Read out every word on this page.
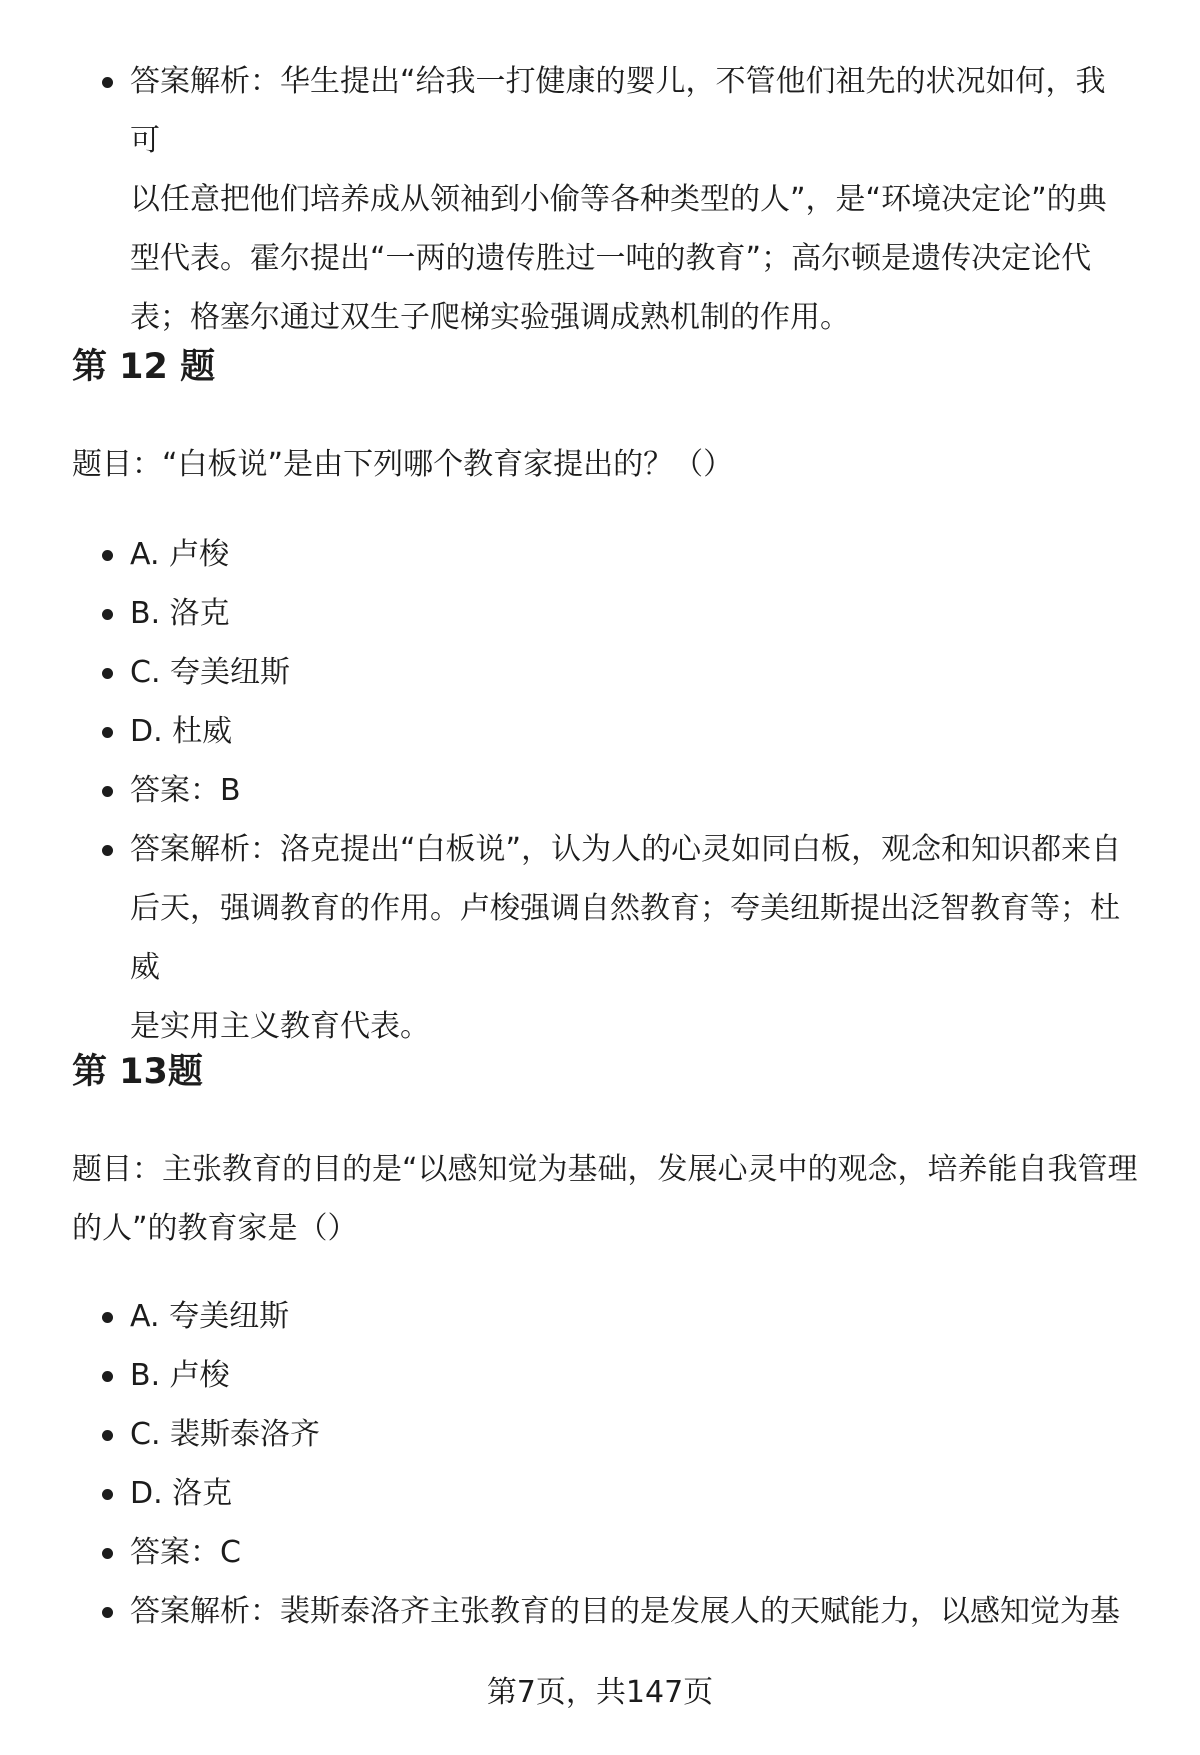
答案解析：华生提出“给我一打健康的婴儿，不管他们祖先的状况如何，我可
以任意把他们培养成从领袖到小偷等各种类型的人”，是“环境决定论”的典
型代表。霍尔提出“一两的遗传胜过一吨的教育”；高尔顿是遗传决定论代
表；格塞尔通过双生子爬梯实验强调成熟机制的作用。
第 12 题
题目：“白板说”是由下列哪个教育家提出的？（）
A. 卢梭
B. 洛克
C. 夸美纽斯
D. 杜威
答案：B
答案解析：洛克提出“白板说”，认为人的心灵如同白板，观念和知识都来自
后天，强调教育的作用。卢梭强调自然教育；夸美纽斯提出泛智教育等；杜威
是实用主义教育代表。
第 13题
题目：主张教育的目的是“以感知觉为基础，发展心灵中的观念，培养能自我管理
的人”的教育家是（）
A. 夸美纽斯
B. 卢梭
C. 裴斯泰洛齐
D. 洛克
答案：C
答案解析：裴斯泰洛齐主张教育的目的是发展人的天赋能力，以感知觉为基
第7页，共147页
